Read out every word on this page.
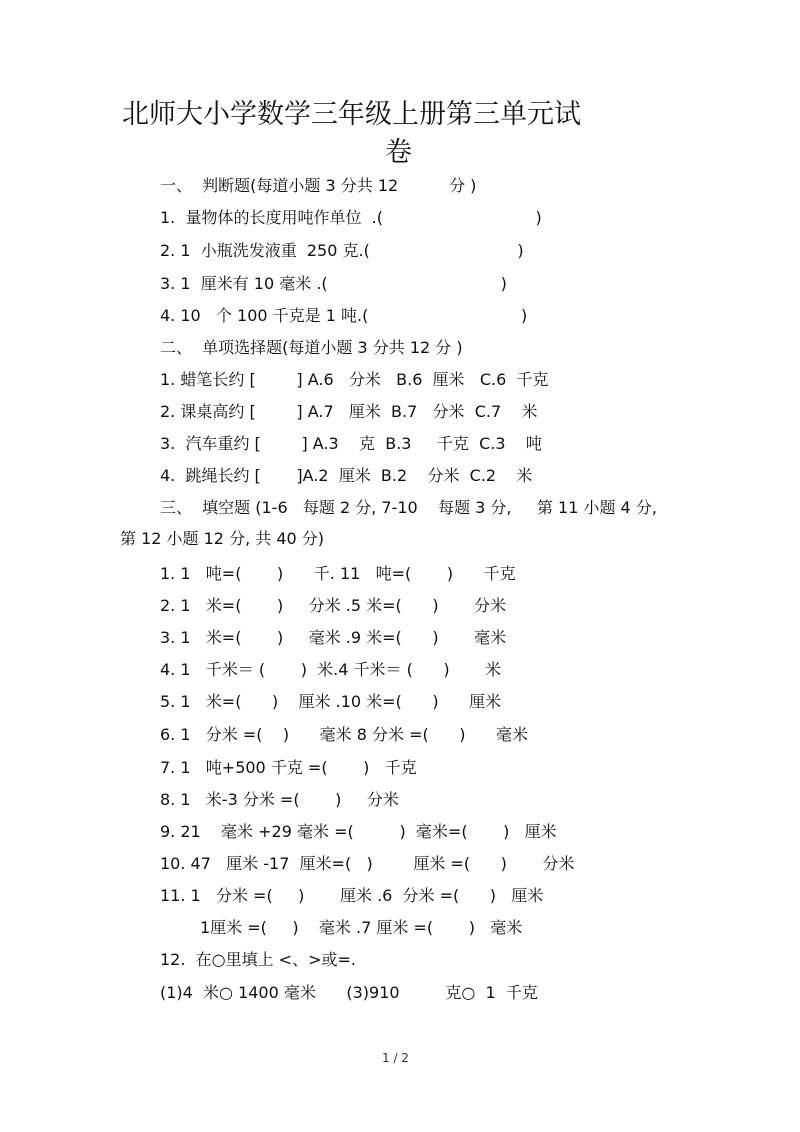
北师大小学数学三年级上册第三单元试
卷
一、  判断题(每道小题 3 分共 12          分 )
1.  量物体的长度用吨作单位  .(                              )
2. 1  小瓶洗发液重  250 克.(                             )
3. 1  厘米有 10 毫米 .(                                  )
4. 10   个 100 千克是 1 吨.(                              )
二、  单项选择题(每道小题 3 分共 12 分 )
1. 蜡笔长约 [        ] A.6   分米   B.6  厘米   C.6  千克
2. 课桌高约 [        ] A.7   厘米  B.7   分米  C.7    米
3.  汽车重约 [        ] A.3    克  B.3     千克  C.3    吨
4.  跳绳长约 [       ]A.2  厘米  B.2    分米  C.2    米
三、  填空题 (1-6   每题 2 分, 7-10    每题 3 分,     第 11 小题 4 分,
第 12 小题 12 分, 共 40 分)
1. 1   吨=(       )      千. 11   吨=(       )      千克
2. 1   米=(       )     分米 .5 米=(      )       分米
3. 1   米=(       )     毫米 .9 米=(      )       毫米
4. 1   千米＝ (       )  米.4 千米＝ (      )       米
5. 1   米=(      )    厘米 .10 米=(      )      厘米
6. 1   分米 =(    )      毫米 8 分米 =(      )      毫米
7. 1   吨+500 千克 =(       )   千克
8. 1   米-3 分米 =(       )     分米
9. 21    毫米 +29 毫米 =(         )  毫米=(       )   厘米
10. 47   厘米 -17  厘米=(   )        厘米 =(      )       分米
11. 1   分米 =(     )       厘米 .6  分米 =(      )   厘米
1厘米 =(     )    毫米 .7 厘米 =(       )   毫米
12.  在○里填上 <、>或=.
(1)4  米○ 1400 毫米      (3)910         克○  1  千克
1 / 2
